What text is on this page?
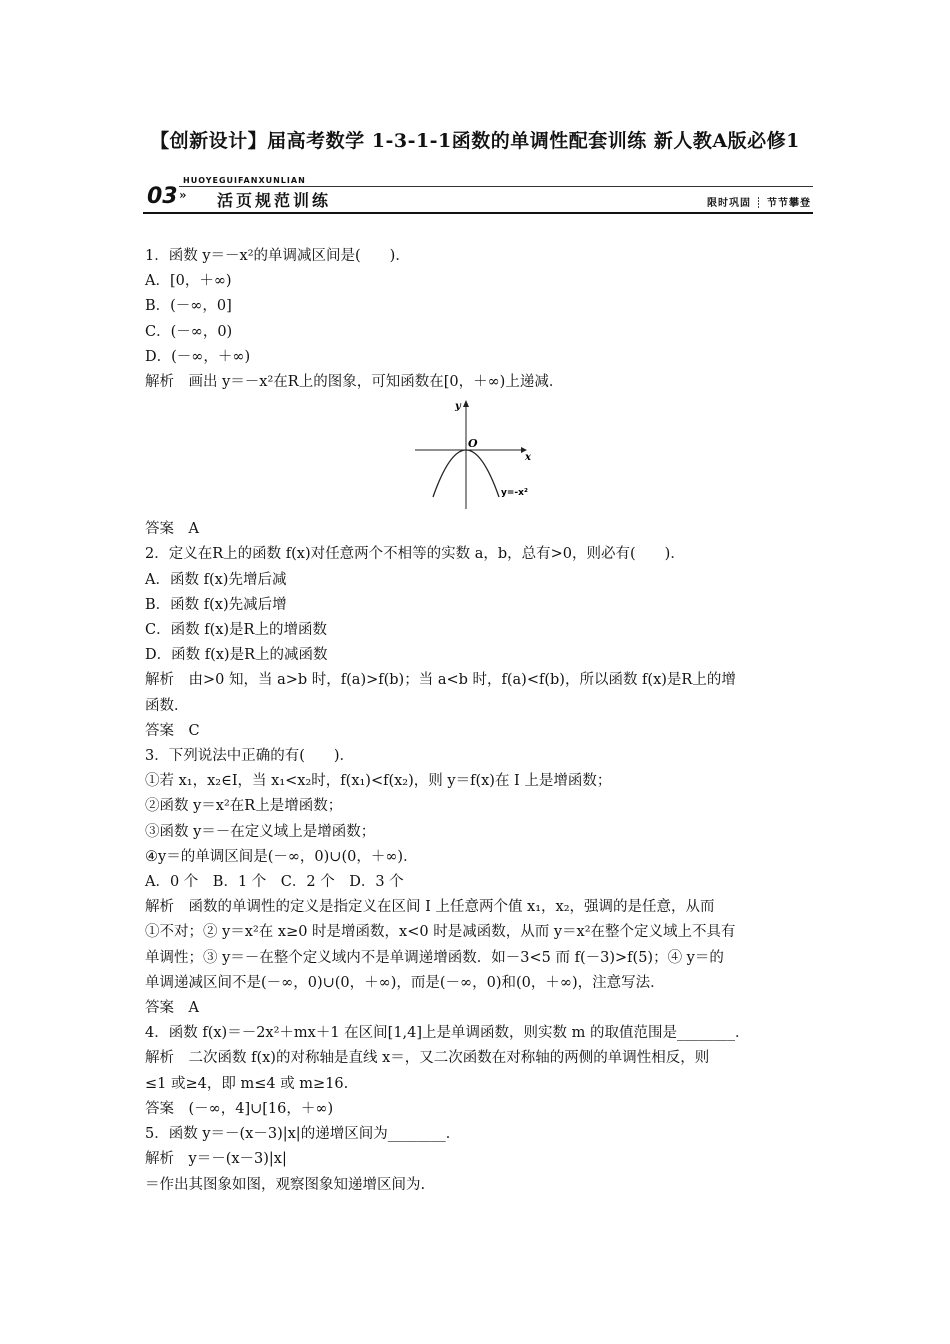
【创新设计】届高考数学 1-3-1-1函数的单调性配套训练 新人教A版必修1
HUOYEGUIFANXUNLIAN
03 » 活页规范训练	限时巩固 ┊ 节节攀登

1．函数 y＝－x²的单调减区间是(　　)．

A．[0，＋∞)

B．(－∞，0]

C．(－∞，0)

D．(－∞，＋∞)

解析　画出 y＝－x²在R上的图象，可知函数在[0，＋∞)上递减．

y
x
O
y=-x²

答案　A

2．定义在R上的函数 f(x)对任意两个不相等的实数 a，b，总有>0，则必有(　　)．

A．函数 f(x)先增后减

B．函数 f(x)先减后增

C．函数 f(x)是R上的增函数

D．函数 f(x)是R上的减函数

解析　由>0 知，当 a>b 时，f(a)>f(b)；当 a<b 时，f(a)<f(b)，所以函数 f(x)是R上的增

函数．

答案　C

3．下列说法中正确的有(　　)．

①若 x₁，x₂∈I，当 x₁<x₂时，f(x₁)<f(x₂)，则 y＝f(x)在 I 上是增函数；

②函数 y＝x²在R上是增函数；

③函数 y＝－在定义域上是增函数；

④y＝的单调区间是(－∞，0)∪(0，＋∞)．

A．0 个　B．1 个　C．2 个　D．3 个

解析　函数的单调性的定义是指定义在区间 I 上任意两个值 x₁，x₂，强调的是任意，从而

①不对；② y＝x²在 x≥0 时是增函数，x<0 时是减函数，从而 y＝x²在整个定义域上不具有

单调性；③ y＝－在整个定义域内不是单调递增函数．如－3<5 而 f(－3)>f(5)；④ y＝的

单调递减区间不是(－∞，0)∪(0，＋∞)，而是(－∞，0)和(0，＋∞)，注意写法．

答案　A

4．函数 f(x)＝－2x²＋mx＋1 在区间[1,4]上是单调函数，则实数 m 的取值范围是________．

解析　二次函数 f(x)的对称轴是直线 x＝，又二次函数在对称轴的两侧的单调性相反，则

≤1 或≥4，即 m≤4 或 m≥16.

答案　(－∞，4]∪[16，＋∞)

5．函数 y＝－(x－3)|x|的递增区间为________．

解析　y＝－(x－3)|x|

＝作出其图象如图，观察图象知递增区间为.
